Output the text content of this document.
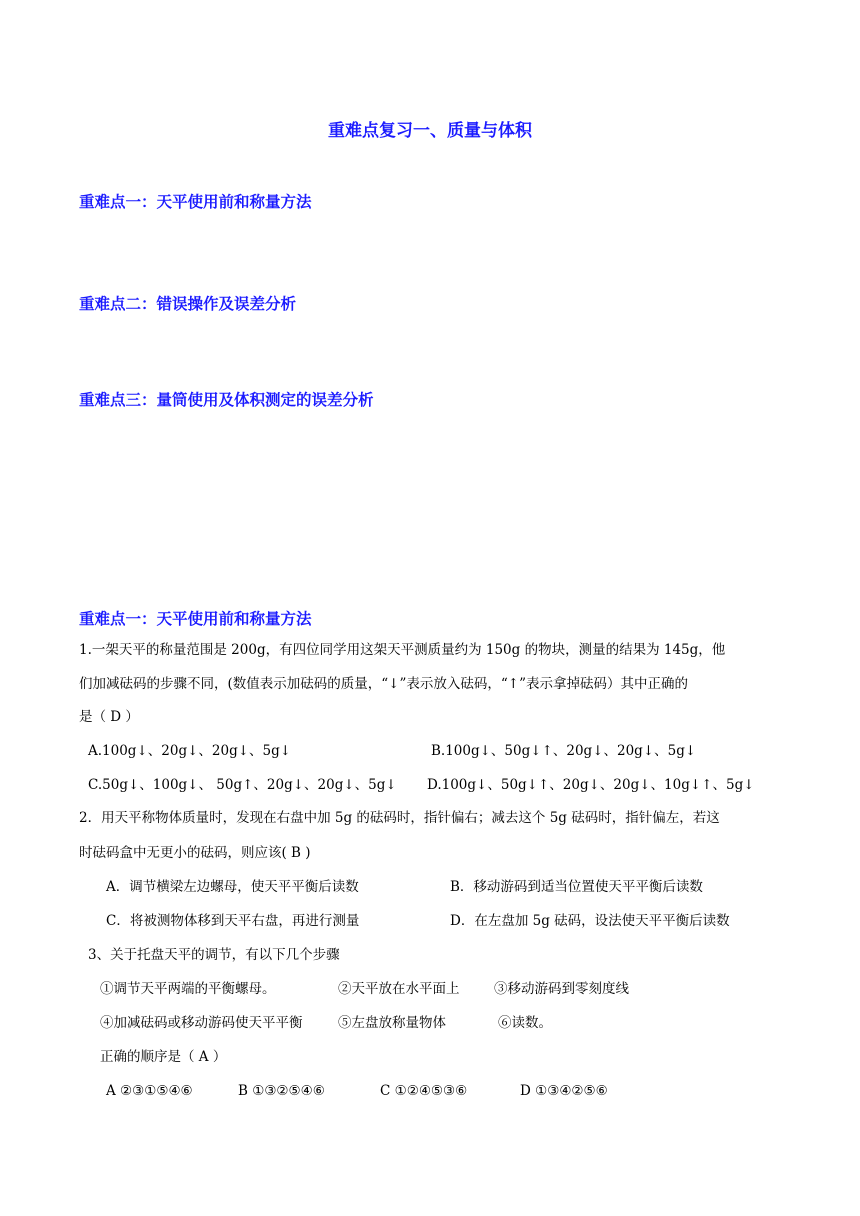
重难点复习一、质量与体积
重难点一：天平使用前和称量方法
重难点二：错误操作及误差分析
重难点三：量筒使用及体积测定的误差分析
重难点一：天平使用前和称量方法
1.一架天平的称量范围是 200g，有四位同学用这架天平测质量约为 150g 的物块，测量的结果为 145g，他
们加减砝码的步骤不同，(数值表示加砝码的质量，“↓”表示放入砝码，“↑”表示拿掉砝码）其中正确的
是（ D ）
A.100g↓、20g↓、20g↓、5g↓	B.100g↓、50g↓↑、20g↓、20g↓、5g↓
C.50g↓、100g↓、 50g↑、20g↓、20g↓、5g↓ D.100g↓、50g↓↑、20g↓、20g↓、10g↓↑、5g↓
2．用天平称物体质量时，发现在右盘中加 5g 的砝码时，指针偏右；减去这个 5g 砝码时，指针偏左，若这
时砝码盒中无更小的砝码，则应该( B )
A．调节横梁左边螺母，使天平平衡后读数	B．移动游码到适当位置使天平平衡后读数
C．将被测物体移到天平右盘，再进行测量	D．在左盘加 5g 砝码，设法使天平平衡后读数
3、关于托盘天平的调节，有以下几个步骤
①调节天平两端的平衡螺母。	②天平放在水平面上	③移动游码到零刻度线
④加减砝码或移动游码使天平平衡	⑤左盘放称量物体	⑥读数。
正确的顺序是（ A ）
A ②③①⑤④⑥	B ①③②⑤④⑥	C ①②④⑤③⑥	D ①③④②⑤⑥
